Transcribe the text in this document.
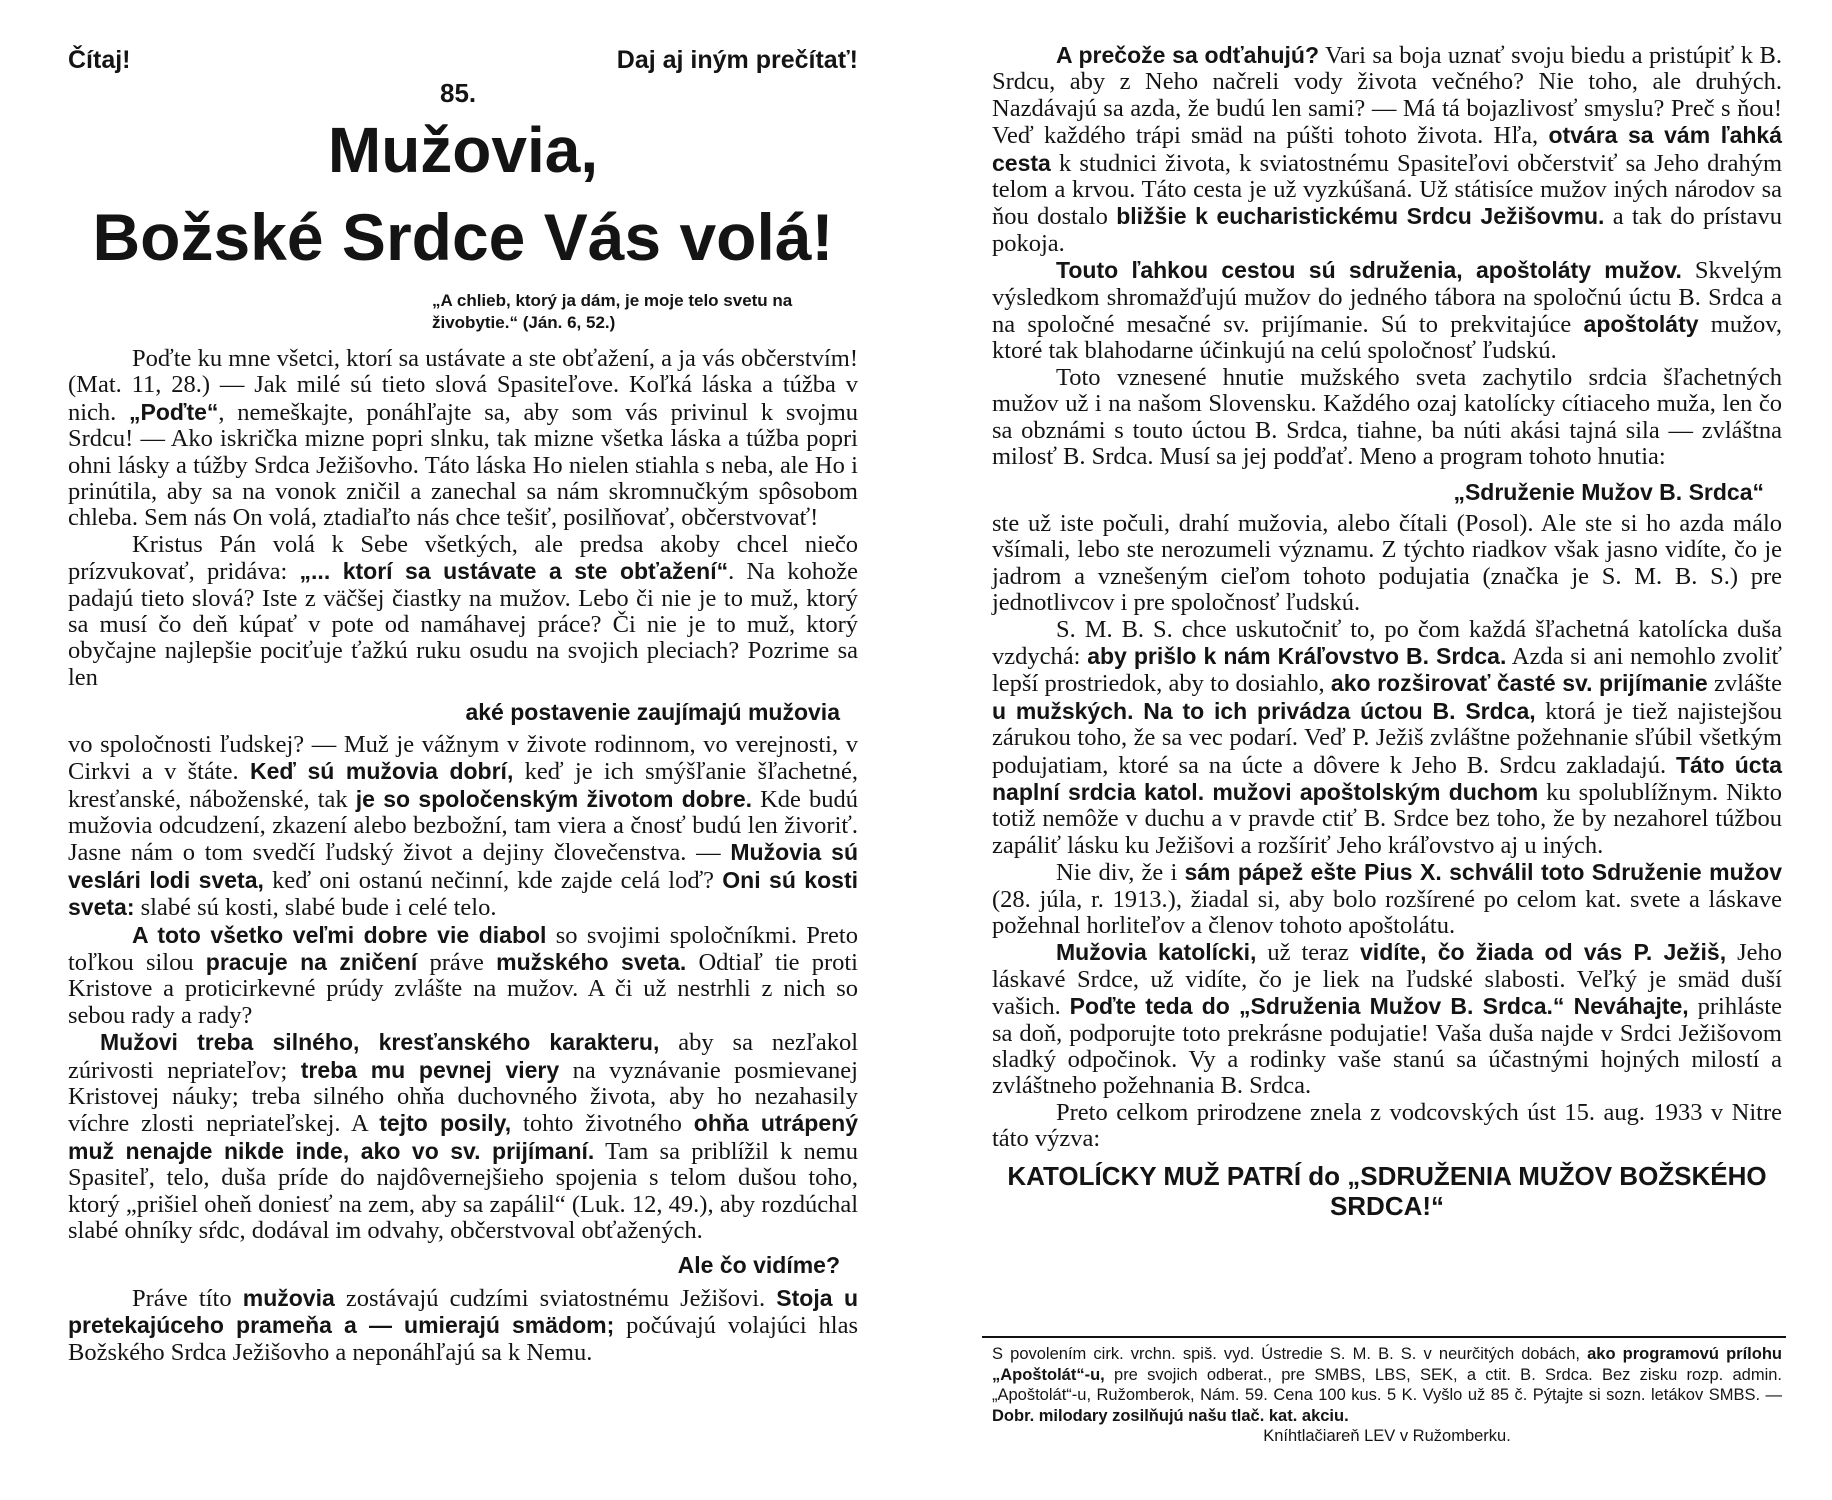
Čítaj!	Daj aj iným prečítať!
85.
Mužovia,
Božské Srdce Vás volá!
„A chlieb, ktorý ja dám, je moje telo svetu na živobytie.“ (Ján. 6, 52.)

Poďte ku mne všetci, ktorí sa ustávate a ste obťažení, a ja vás občerstvím! (Mat. 11, 28.) — Jak milé sú tieto slová Spasiteľove. Koľká láska a túžba v nich. „Poďte“, nemeškajte, ponáhľajte sa, aby som vás privinul k svojmu Srdcu! — Ako iskrička mizne popri slnku, tak mizne všetka láska a túžba popri ohni lásky a túžby Srdca Ježišovho. Táto láska Ho nielen stiahla s neba, ale Ho i prinútila, aby sa na vonok zničil a zanechal sa nám skromnučkým spôsobom chleba. Sem nás On volá, ztadiaľto nás chce tešiť, posilňovať, občerstvovať!

Kristus Pán volá k Sebe všetkých, ale predsa akoby chcel niečo prízvukovať, pridáva: „... ktorí sa ustávate a ste obťažení“. Na kohože padajú tieto slová? Iste z väčšej čiastky na mužov. Lebo či nie je to muž, ktorý sa musí čo deň kúpať v pote od namáhavej práce? Či nie je to muž, ktorý obyčajne najlepšie pociťuje ťažkú ruku osudu na svojich pleciach? Pozrime sa len

aké postavenie zaujímajú mužovia

vo spoločnosti ľudskej? — Muž je vážnym v živote rodinnom, vo verejnosti, v Cirkvi a v štáte. Keď sú mužovia dobrí, keď je ich smýšľanie šľachetné, kresťanské, náboženské, tak je so spoločenským životom dobre. Kde budú mužovia odcudzení, zkazení alebo bezbožní, tam viera a čnosť budú len živoriť. Jasne nám o tom svedčí ľudský život a dejiny človečenstva. — Mužovia sú veslári lodi sveta, keď oni ostanú nečinní, kde zajde celá loď? Oni sú kosti sveta: slabé sú kosti, slabé bude i celé telo.

A toto všetko veľmi dobre vie diabol so svojimi spoločníkmi. Preto toľkou silou pracuje na zničení práve mužského sveta. Odtiaľ tie proti Kristove a proticirkevné prúdy zvlášte na mužov. A či už nestrhli z nich so sebou rady a rady?

Mužovi treba silného, kresťanského karakteru, aby sa nezľakol zúrivosti nepriateľov; treba mu pevnej viery na vyznávanie posmievanej Kristovej náuky; treba silného ohňa duchovného života, aby ho nezahasily víchre zlosti nepriateľskej. A tejto posily, tohto životného ohňa utrápený muž nenajde nikde inde, ako vo sv. prijímaní. Tam sa priblížil k nemu Spasiteľ, telo, duša príde do najdôvernejšieho spojenia s telom dušou toho, ktorý „prišiel oheň doniesť na zem, aby sa zapálil“ (Luk. 12, 49.), aby rozdúchal slabé ohníky sŕdc, dodával im odvahy, občerstvoval obťažených.

Ale čo vidíme?

Práve títo mužovia zostávajú cudzími sviatostnému Ježišovi. Stoja u pretekajúceho prameňa a — umierajú smädom; počúvajú volajúci hlas Božského Srdca Ježišovho a neponáhľajú sa k Nemu.

A prečože sa odťahujú? Vari sa boja uznať svoju biedu a pristúpiť k B. Srdcu, aby z Neho načreli vody života večného? Nie toho, ale druhých. Nazdávajú sa azda, že budú len sami? — Má tá bojazlivosť smyslu? Preč s ňou! Veď každého trápi smäd na púšti tohoto života. Hľa, otvára sa vám ľahká cesta k studnici života, k sviatostnému Spasiteľovi občerstviť sa Jeho drahým telom a krvou. Táto cesta je už vyzkúšaná. Už státisíce mužov iných národov sa ňou dostalo bližšie k eucharistickému Srdcu Ježišovmu. a tak do prístavu pokoja.

Touto ľahkou cestou sú sdruženia, apoštoláty mužov. Skvelým výsledkom shromažďujú mužov do jedného tábora na spoločnú úctu B. Srdca a na spoločné mesačné sv. prijímanie. Sú to prekvitajúce apoštoláty mužov, ktoré tak blahodarne účinkujú na celú spoločnosť ľudskú.

Toto vznesené hnutie mužského sveta zachytilo srdcia šľachetných mužov už i na našom Slovensku. Každého ozaj katolícky cítiaceho muža, len čo sa obznámi s touto úctou B. Srdca, tiahne, ba núti akási tajná sila — zvláštna milosť B. Srdca. Musí sa jej podďať. Meno a program tohoto hnutia:

„Sdruženie Mužov B. Srdca“

ste už iste počuli, drahí mužovia, alebo čítali (Posol). Ale ste si ho azda málo všímali, lebo ste nerozumeli významu. Z týchto riadkov však jasno vidíte, čo je jadrom a vznešeným cieľom tohoto podujatia (značka je S. M. B. S.) pre jednotlivcov i pre spoločnosť ľudskú.

S. M. B. S. chce uskutočniť to, po čom každá šľachetná katolícka duša vzdychá: aby prišlo k nám Kráľovstvo B. Srdca. Azda si ani nemohlo zvoliť lepší prostriedok, aby to dosiahlo, ako rozširovať časté sv. prijímanie zvlášte u mužských. Na to ich privádza úctou B. Srdca, ktorá je tiež najistejšou zárukou toho, že sa vec podarí. Veď P. Ježiš zvláštne požehnanie sľúbil všetkým podujatiam, ktoré sa na úcte a dôvere k Jeho B. Srdcu zakladajú. Táto úcta naplní srdcia katol. mužovi apoštolským duchom ku spolublížnym. Nikto totiž nemôže v duchu a v pravde ctiť B. Srdce bez toho, že by nezahorel túžbou zapáliť lásku ku Ježišovi a rozšíriť Jeho kráľovstvo aj u iných.

Nie div, že i sám pápež ešte Pius X. schválil toto Sdruženie mužov (28. júla, r. 1913.), žiadal si, aby bolo rozšírené po celom kat. svete a láskave požehnal horliteľov a členov tohoto apoštolátu.

Mužovia katolícki, už teraz vidíte, čo žiada od vás P. Ježiš, Jeho láskavé Srdce, už vidíte, čo je liek na ľudské slabosti. Veľký je smäd duší vašich. Poďte teda do „Sdruženia Mužov B. Srdca.“ Neváhajte, prihláste sa doň, podporujte toto prekrásne podujatie! Vaša duša najde v Srdci Ježišovom sladký odpočinok. Vy a rodinky vaše stanú sa účastnými hojných milostí a zvláštneho požehnania B. Srdca.

Preto celkom prirodzene znela z vodcovských úst 15. aug. 1933 v Nitre táto výzva:

KATOLÍCKY MUŽ PATRÍ do „SDRUŽENIA MUŽOV BOŽSKÉHO SRDCA!“
S povolením cirk. vrchn. spiš. vyd. Ústredie S. M. B. S. v neurčitých dobách, ako programovú prílohu „Apoštolát“-u, pre svojich odberat., pre SMBS, LBS, SEK, a ctit. B. Srdca. Bez zisku rozp. admin. „Apoštolát“-u, Ružomberok, Nám. 59. Cena 100 kus. 5 K. Vyšlo už 85 č. Pýtajte si sozn. letákov SMBS. — Dobr. milodary zosilňujú našu tlač. kat. akciu.
Kníhtlačiareň LEV v Ružomberku.
